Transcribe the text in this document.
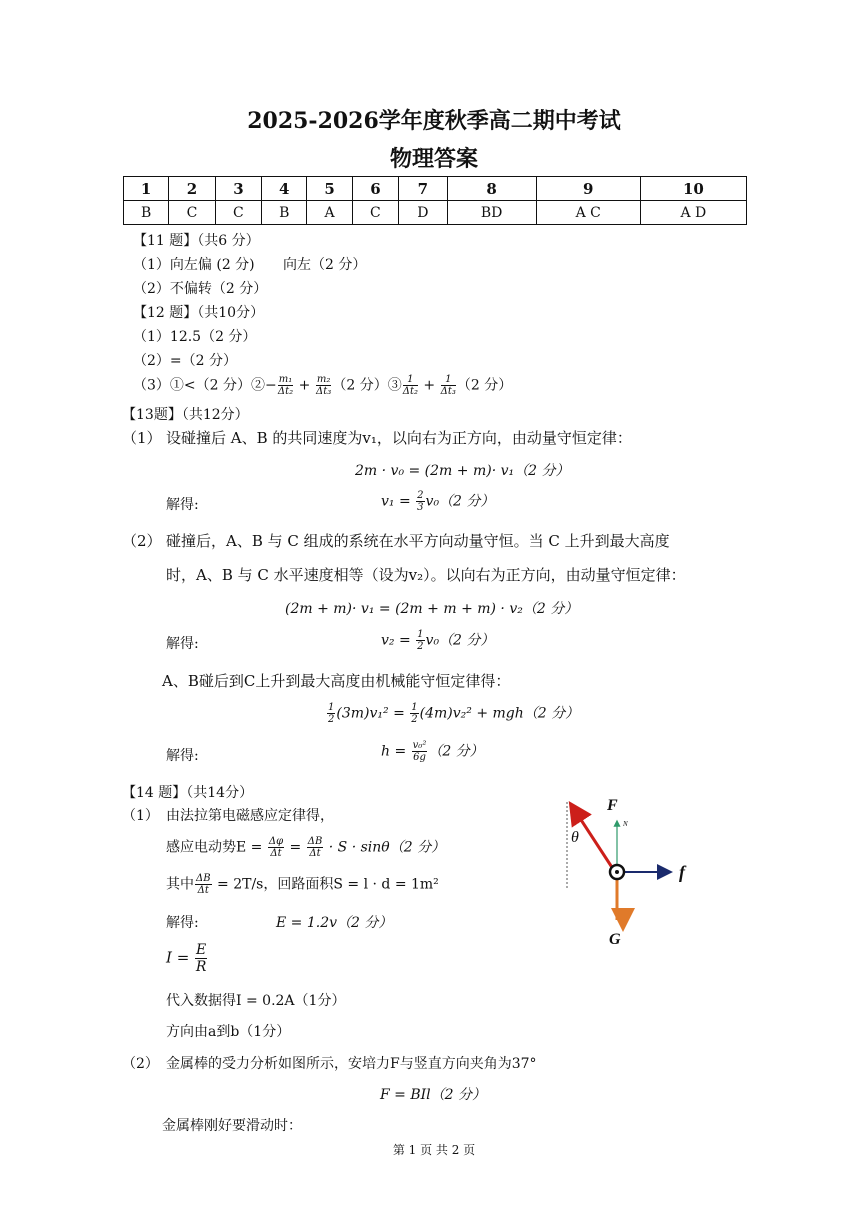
2025-2026学年度秋季高二期中考试
物理答案
1	2	3	4	5	6	7	8	9	10
B	C	C	B	A	C	D	BD	A C	A D
【11 题】（共6 分）
（1）向左偏 (2 分) 向左（2 分）
（2）不偏转（2 分）
【12 题】（共10分）
（1）12.5（2 分）
（2）=（2 分）
（3）①<（2 分）②− $\frac{\text{m₁}}{\text{Δt₂}} + \frac{\text{m₂}}{\text{Δt₃}} (2$ 分）③ $\frac{1}{\text{Δt₂}} + \frac{1}{\text{Δt₃}} (2$ 分）
【13题】（共12分）
（1） 设碰撞后 A、B 的共同速度为v₁，以向右为正方向，由动量守恒定律：
2m · v₀ = (2m + m)· v₁（2 分）
解得:	$v_1 = \frac{2}{3} v_0(2$ 分）
（2） 碰撞后，A、B 与 C 组成的系统在水平方向动量守恒。当 C 上升到最大高度
时，A、B 与 C 水平速度相等（设为v₂）。以向右为正方向，由动量守恒定律：
(2m + m)· v₁ = (2m + m + m) · v₂（2 分）
解得:	$v_2 = \frac{1}{2} v_0(2$ 分）
A、B碰后到C上升到最大高度由机械能守恒定律得：
$\frac{1}{2} (3m)v_1^2 = \frac{1}{2} (4m)v_2^2 + mgh(2$ 分）
解得:	$h = \frac{\text{v₀²}}{6g} (2$ 分）
【14 题】（共14分）
（1） 由法拉第电磁感应定律得，
感应电动势$E = \frac{\Delta\varphi}{\Delta t} = \frac{\Delta B}{\Delta t} \cdot S \cdot \sin\theta(2$ 分）
其中 $\frac{\Delta B}{\Delta t} = 2T/s$，回路面积S = l · d = 1m²
解得:	E = 1.2v（2 分）
$I = \frac{E}{R}$
代入数据得I = 0.2A（1分）
方向由a到b（1分）
（2） 金属棒的受力分析如图所示，安培力F与竖直方向夹角为37°
F = BIl（2 分）
金属棒刚好要滑动时：
F
N
θ
f
G
第 1 页 共 2 页
